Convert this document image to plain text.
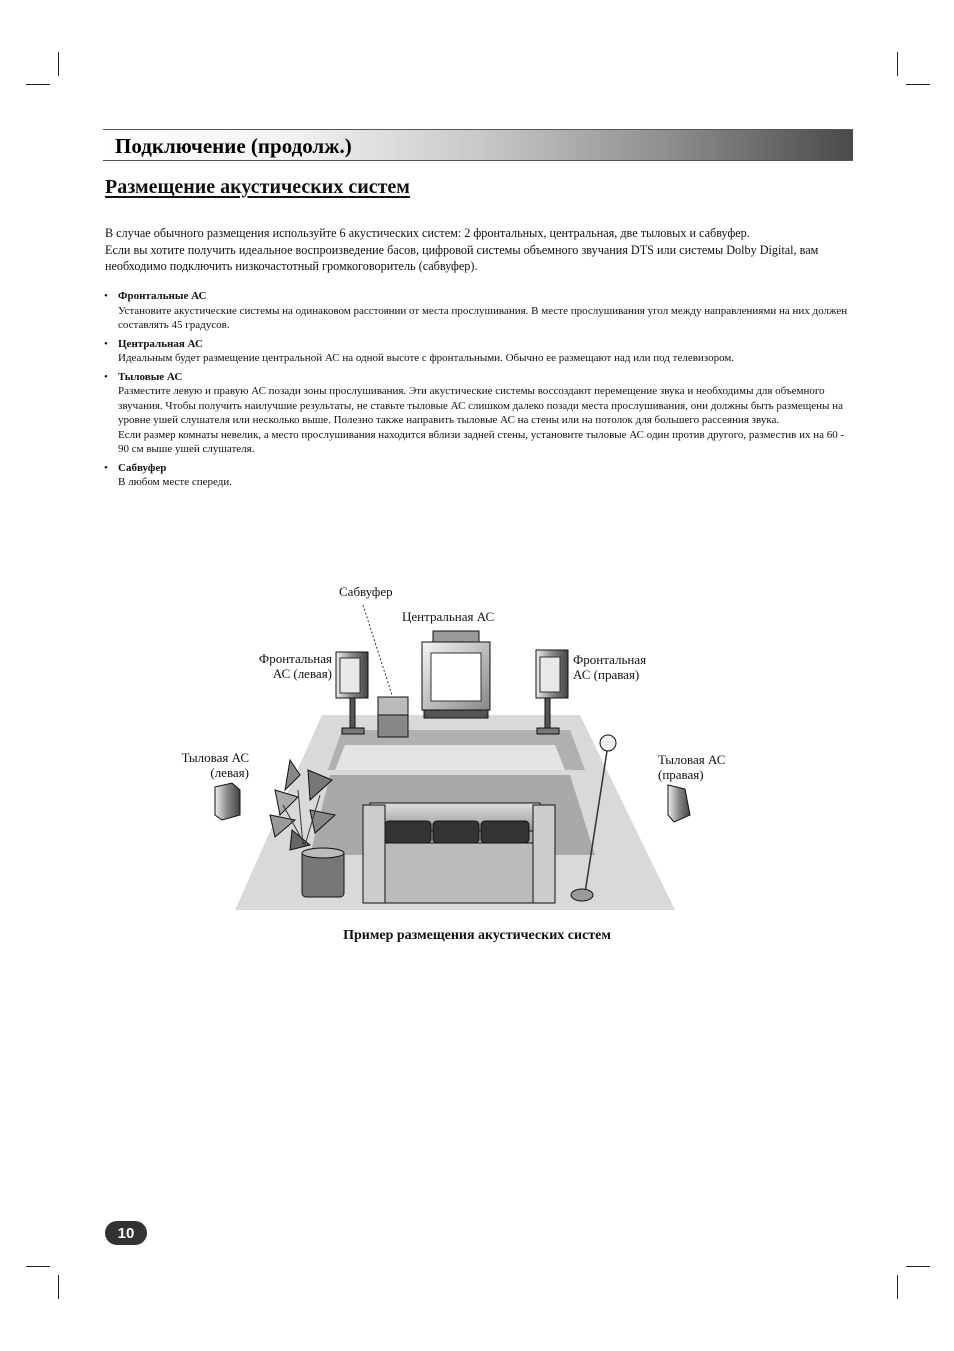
Подключение (продолж.)
Размещение акустических систем

В случае обычного размещения используйте 6 акустических систем: 2 фронтальных, центральная, две тыловых и сабвуфер.

Если вы хотите получить идеальное воспроизведение басов, цифровой системы объемного звучания DTS или системы Dolby Digital, вам необходимо подключить низкочастотный громкоговоритель (сабвуфер).

• Фронтальные АС

Установите акустические системы на одинаковом расстоянии от места прослушивания. В месте прослушивания угол между направлениями на них должен составлять 45 градусов.

• Центральная АС

Идеальным будет размещение центральной АС на одной высоте с фронтальными. Обычно ее размещают над или под телевизором.

• Тыловые АС

Разместите левую и правую АС позади зоны прослушивания. Эти акустические системы воссоздают перемещение звука и необходимы для объемного звучания. Чтобы получить наилучшие результаты, не ставьте тыловые АС слишком далеко позади места прослушивания, они должны быть размещены на уровне ушей слушателя или несколько выше. Полезно также направить тыловые АС на стены или на потолок для большего рассеяния звука.

Если размер комнаты невелик, а место прослушивания находится вблизи задней стены, установите тыловые АС один против другого, разместив их на 60 - 90 см выше ушей слушателя.

• Сабвуфер

В любом месте спереди.

Сабвуфер
Центральная АС
Фронтальная
АС (левая)
Фронтальная
АС (правая)
Тыловая АС
(левая)
Тыловая АС
(правая)
Пример размещения акустических систем
10
